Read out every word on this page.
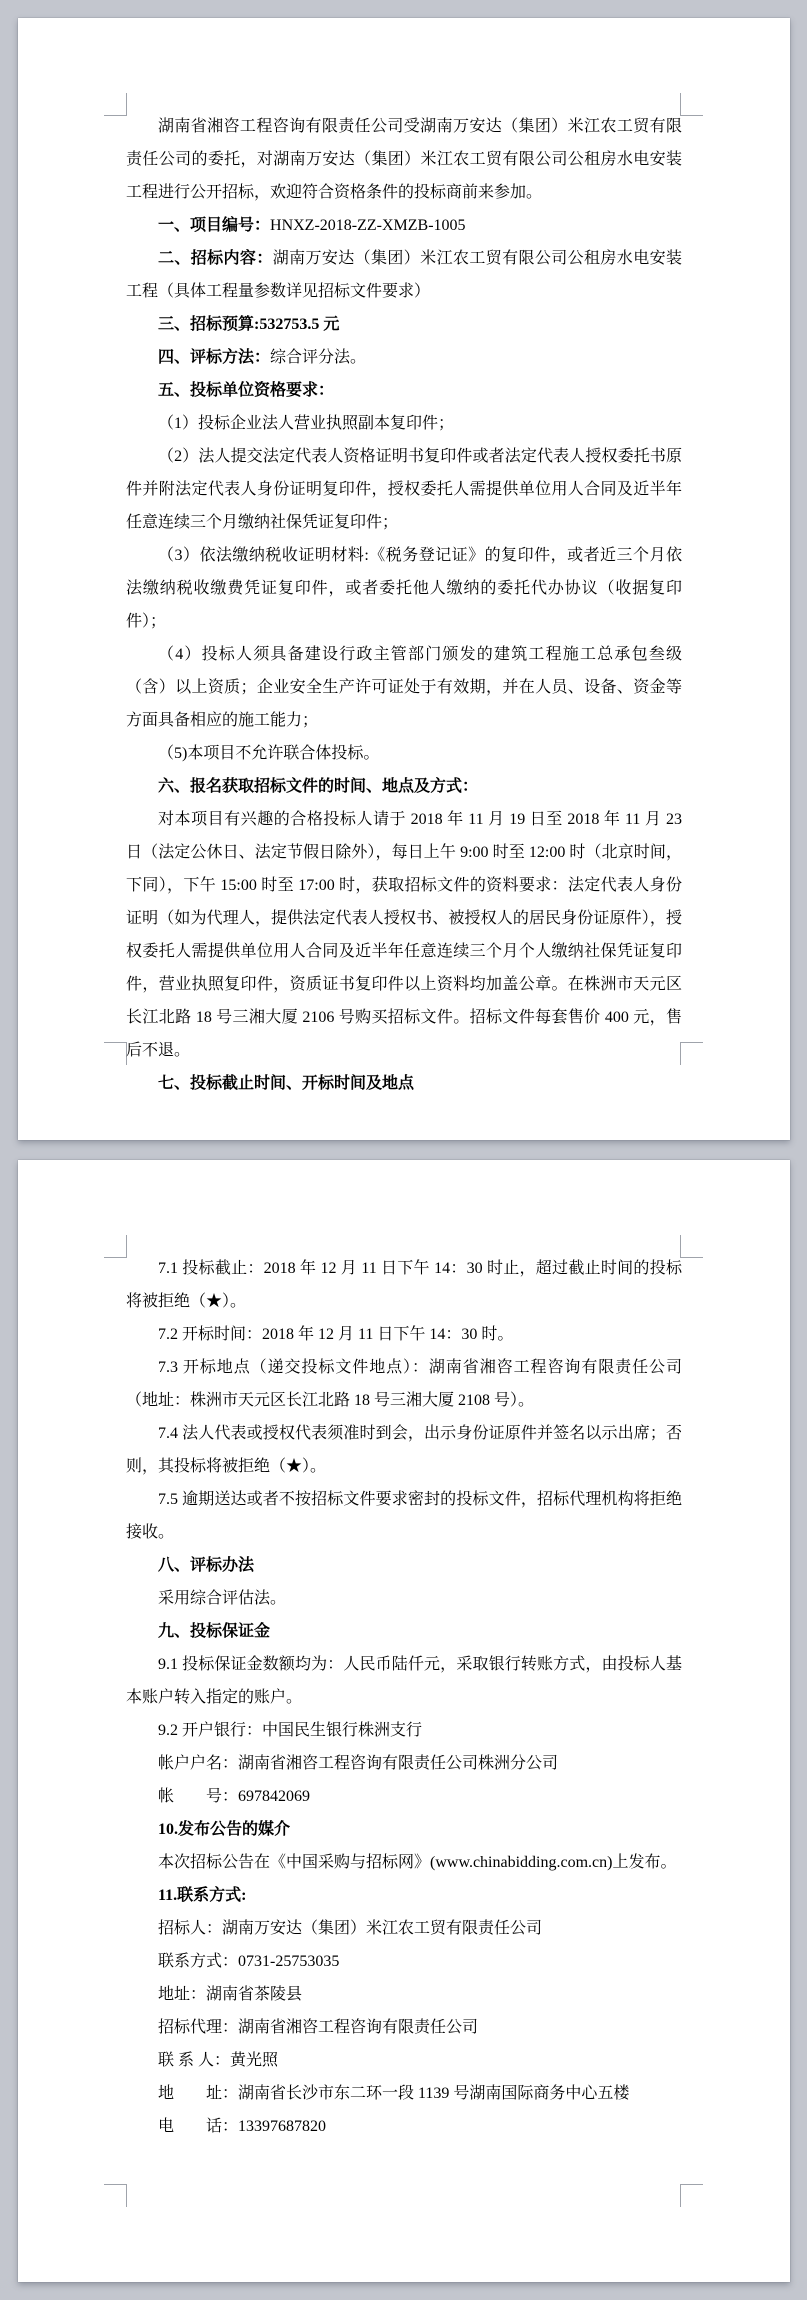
湖南省湘咨工程咨询有限责任公司受湖南万安达（集团）米江农工贸有限责任公司的委托，对湖南万安达（集团）米江农工贸有限公司公租房水电安装工程进行公开招标，欢迎符合资格条件的投标商前来参加。

一、项目编号：HNXZ-2018-ZZ-XMZB-1005

二、招标内容：湖南万安达（集团）米江农工贸有限公司公租房水电安装工程（具体工程量参数详见招标文件要求）

三、招标预算:532753.5 元

四、评标方法：综合评分法。

五、投标单位资格要求：

（1）投标企业法人营业执照副本复印件；

（2）法人提交法定代表人资格证明书复印件或者法定代表人授权委托书原件并附法定代表人身份证明复印件，授权委托人需提供单位用人合同及近半年任意连续三个月缴纳社保凭证复印件；

（3）依法缴纳税收证明材料:《税务登记证》的复印件，或者近三个月依法缴纳税收缴费凭证复印件，或者委托他人缴纳的委托代办协议（收据复印件）；

（4）投标人须具备建设行政主管部门颁发的建筑工程施工总承包叁级（含）以上资质；企业安全生产许可证处于有效期，并在人员、设备、资金等方面具备相应的施工能力；

（5)本项目不允许联合体投标。

六、报名获取招标文件的时间、地点及方式：

对本项目有兴趣的合格投标人请于 2018 年 11 月 19 日至 2018 年 11 月 23 日（法定公休日、法定节假日除外），每日上午 9:00 时至 12:00 时（北京时间，下同），下午 15:00 时至 17:00 时，获取招标文件的资料要求：法定代表人身份证明（如为代理人，提供法定代表人授权书、被授权人的居民身份证原件），授权委托人需提供单位用人合同及近半年任意连续三个月个人缴纳社保凭证复印件，营业执照复印件，资质证书复印件以上资料均加盖公章。在株洲市天元区长江北路 18 号三湘大厦 2106 号购买招标文件。招标文件每套售价 400 元，售后不退。

七、投标截止时间、开标时间及地点

7.1 投标截止：2018 年 12 月 11 日下午 14：30 时止，超过截止时间的投标将被拒绝（★）。

7.2 开标时间：2018 年 12 月 11 日下午 14：30 时。

7.3 开标地点（递交投标文件地点）：湖南省湘咨工程咨询有限责任公司（地址：株洲市天元区长江北路 18 号三湘大厦 2108 号）。

7.4 法人代表或授权代表须准时到会，出示身份证原件并签名以示出席；否则，其投标将被拒绝（★）。

7.5 逾期送达或者不按招标文件要求密封的投标文件，招标代理机构将拒绝接收。

八、评标办法

采用综合评估法。

九、投标保证金

9.1 投标保证金数额均为：人民币陆仟元，采取银行转账方式，由投标人基本账户转入指定的账户。

9.2 开户银行：中国民生银行株洲支行

帐户户名：湖南省湘咨工程咨询有限责任公司株洲分公司

帐　　号：697842069

10.发布公告的媒介

本次招标公告在《中国采购与招标网》(www.chinabidding.com.cn)上发布。

11.联系方式:

招标人：湖南万安达（集团）米江农工贸有限责任公司

联系方式：0731-25753035

地址：湖南省茶陵县

招标代理：湖南省湘咨工程咨询有限责任公司

联 系 人：黄光照

地　　址：湖南省长沙市东二环一段 1139 号湖南国际商务中心五楼

电　　话：13397687820
